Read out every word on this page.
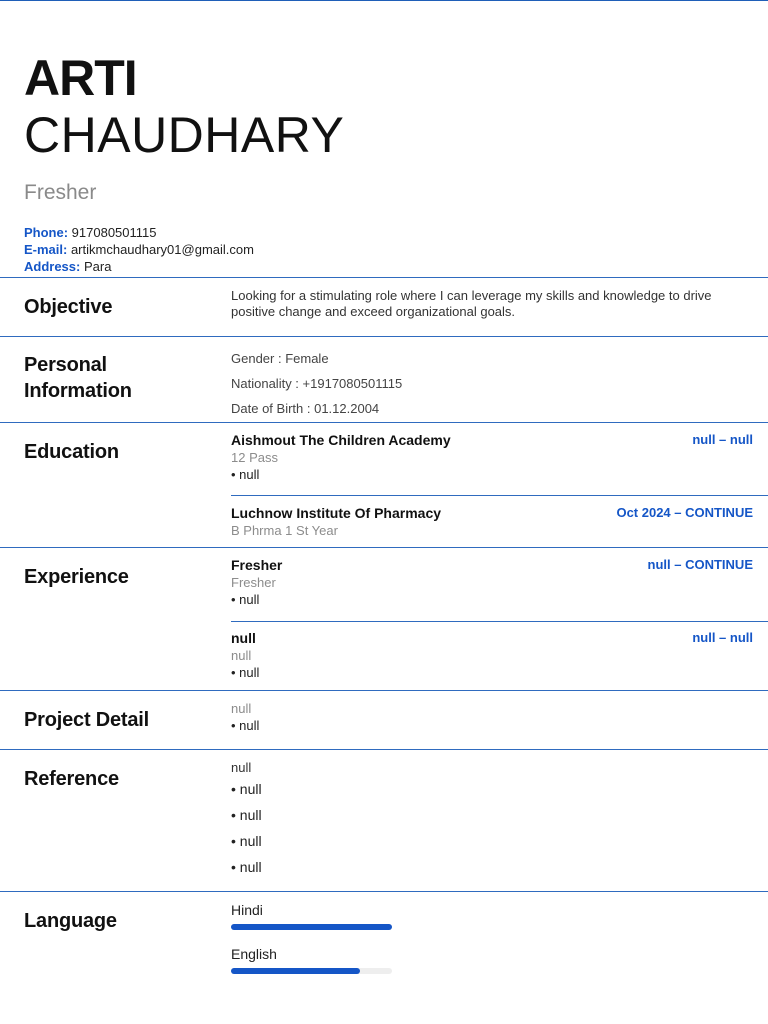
ARTI
CHAUDHARY
Fresher
Phone: 917080501115
E-mail: artikmchaudhary01@gmail.com
Address: Para
Objective
Looking for a stimulating role where I can leverage my skills and knowledge to drive positive change and exceed organizational goals.
Personal
Information
Gender : Female
Nationality : +1917080501115
Date of Birth : 01.12.2004
Education
Aishmout The Children Academy	null – null
12 Pass
• null
Luchnow Institute Of Pharmacy	Oct 2024 – CONTINUE
B Phrma 1 St Year
Experience
Fresher	null – CONTINUE
Fresher
• null
null	null – null
null
• null
Project Detail
null
• null
Reference
null
• null
• null
• null
• null
Language	Hindi
English
